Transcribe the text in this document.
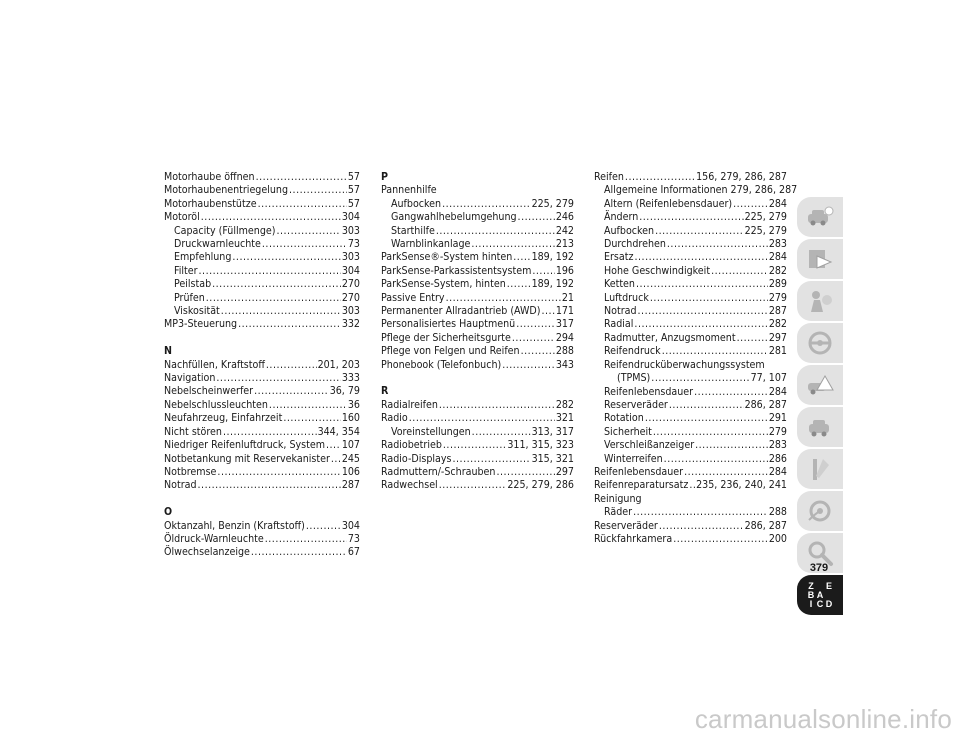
Motorhaube öffnen .....	57
Motorhaubenentriegelung .....	57
Motorhaubenstütze .....	57
Motoröl .....	304
Capacity (Füllmenge) .....	303
Druckwarnleuchte .....	73
Empfehlung .....	303
Filter .....	304
Peilstab .....	270
Prüfen .....	270
Viskosität .....	303
MP3-Steuerung .....	332
N
Nachfüllen, Kraftstoff .....	201, 203
Navigation .....	333
Nebelscheinwerfer .....	36, 79
Nebelschlussleuchten .....	36
Neufahrzeug, Einfahrzeit .....	160
Nicht stören .....	344, 354
Niedriger Reifenluftdruck, System ..... 107
Notbetankung mit Reservekanister ..... 245
Notbremse .....	106
Notrad .....	287
O
Oktanzahl, Benzin (Kraftstoff) .....	304
Öldruck-Warnleuchte .....	73
Ölwechselanzeige .....	67
P
Pannenhilfe
Aufbocken .....	225, 279
Gangwahlhebelumgehung .....	246
Starthilfe .....	242
Warnblinkanlage .....	213
ParkSense®-System hinten ..... 189, 192
ParkSense-Parkassistentsystem ..... 196
ParkSense-System, hinten ..... 189, 192
Passive Entry .....	21
Permanenter Allradantrieb (AWD) ..... 171
Personalisiertes Hauptmenü .....	317
Pflege der Sicherheitsgurte .....	294
Pflege von Felgen und Reifen .....	288
Phonebook (Telefonbuch) .....	343
R
Radialreifen .....	282
Radio .....	321
Voreinstellungen .....	313, 317
Radiobetrieb .....	311, 315, 323
Radio-Displays .....	315, 321
Radmuttern/-Schrauben .....	297
Radwechsel .....	225, 279, 286
Reifen .....	156, 279, 286, 287
Allgemeine Informationen 279, 286, 287
Altern (Reifenlebensdauer) .....	284
Ändern .....	225, 279
Aufbocken .....	225, 279
Durchdrehen .....	283
Ersatz .....	284
Hohe Geschwindigkeit .....	282
Ketten .....	289
Luftdruck .....	279
Notrad .....	287
Radial .....	282
Radmutter, Anzugsmoment .....	297
Reifendruck .....	281
Reifendrucküberwachungssystem
(TPMS) .....	77, 107
Reifenlebensdauer .....	284
Reserveräder .....	286, 287
Rotation .....	291
Sicherheit .....	279
Verschleißanzeiger .....	283
Winterreifen .....	286
Reifenlebensdauer .....	284
Reifenreparatursatz ..... 235, 236, 240, 241
Reinigung
Räder .....	288
Reserveräder .....	286, 287
Rückfahrkamera .....	200
Z E
B A
I C D
379
carmanualsonline.info
